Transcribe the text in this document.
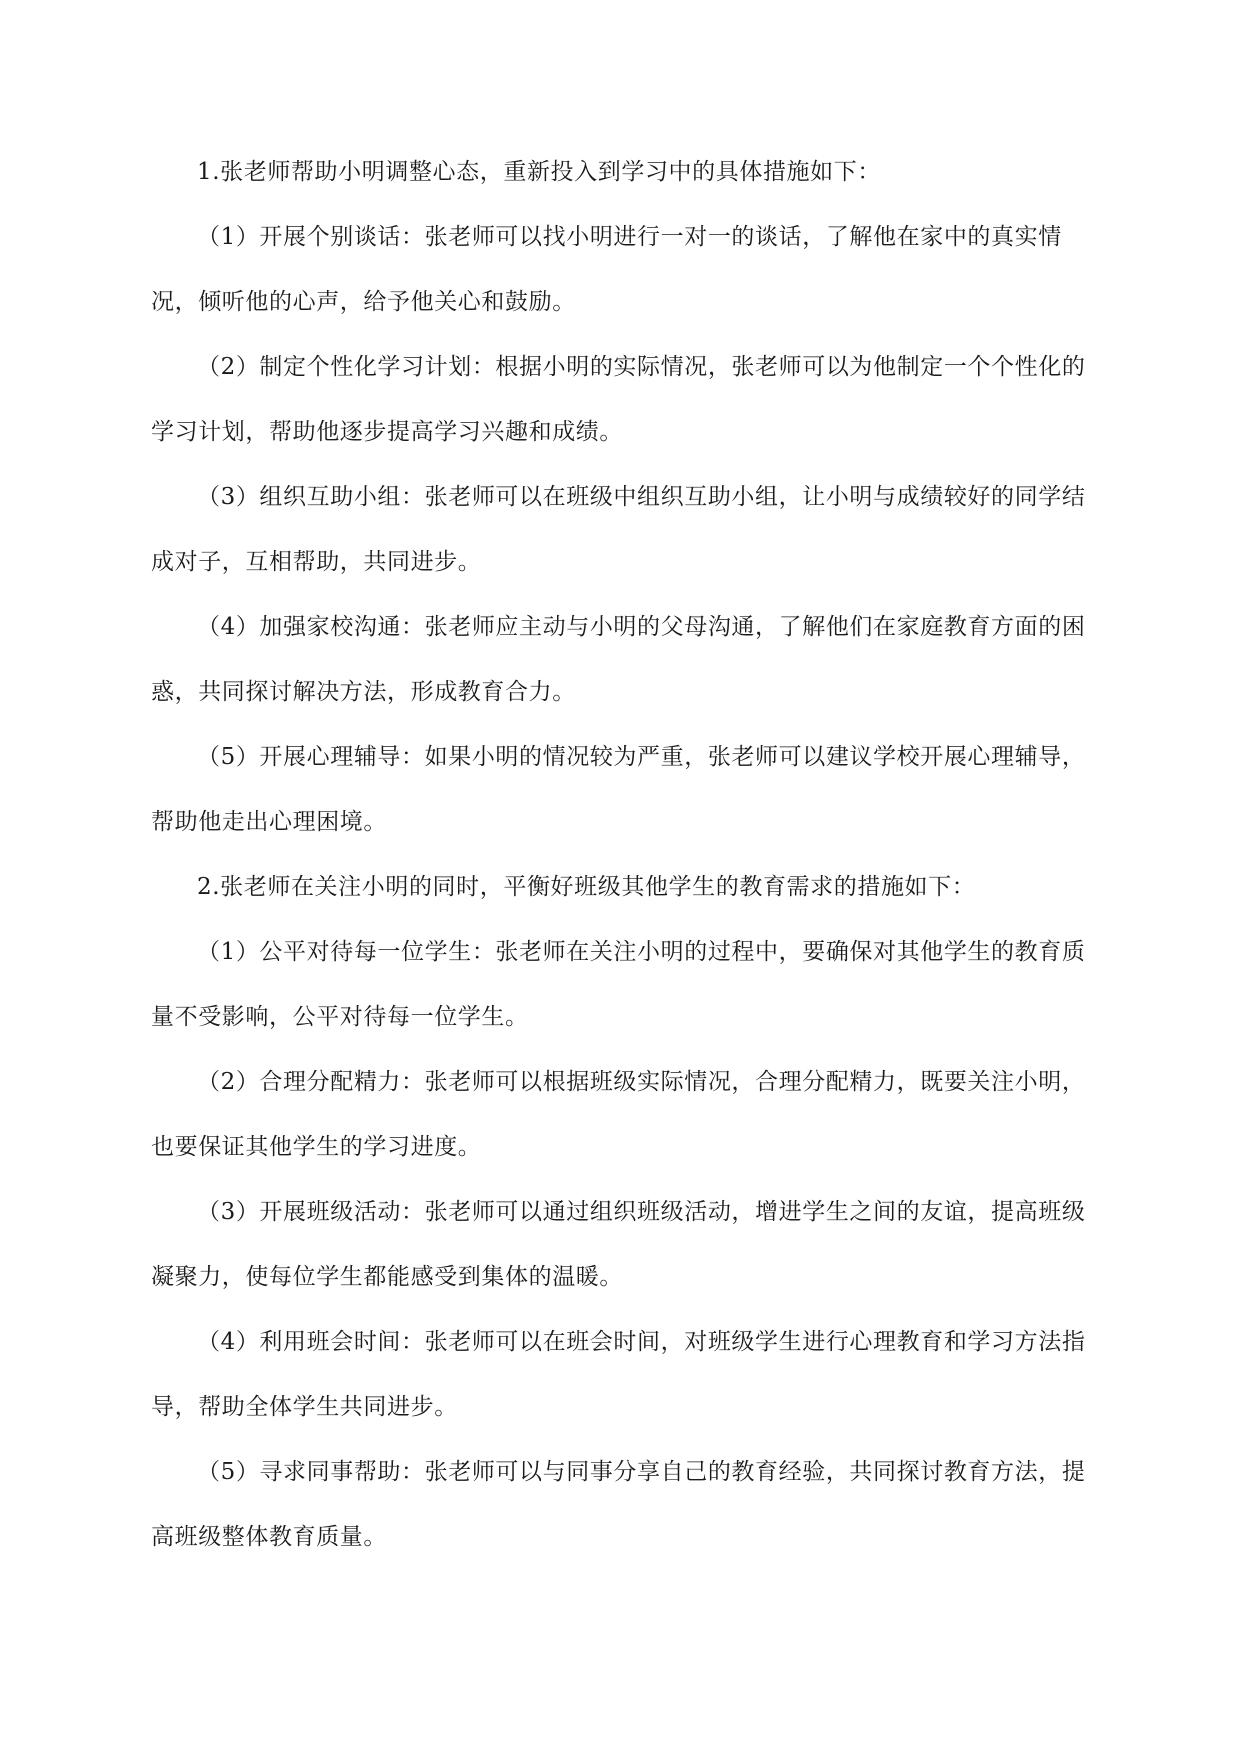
1.张老师帮助小明调整心态，重新投入到学习中的具体措施如下：

（1）开展个别谈话：张老师可以找小明进行一对一的谈话，了解他在家中的真实情况，倾听他的心声，给予他关心和鼓励。

（2）制定个性化学习计划：根据小明的实际情况，张老师可以为他制定一个个性化的学习计划，帮助他逐步提高学习兴趣和成绩。

（3）组织互助小组：张老师可以在班级中组织互助小组，让小明与成绩较好的同学结成对子，互相帮助，共同进步。

（4）加强家校沟通：张老师应主动与小明的父母沟通，了解他们在家庭教育方面的困惑，共同探讨解决方法，形成教育合力。

（5）开展心理辅导：如果小明的情况较为严重，张老师可以建议学校开展心理辅导，帮助他走出心理困境。

2.张老师在关注小明的同时，平衡好班级其他学生的教育需求的措施如下：

（1）公平对待每一位学生：张老师在关注小明的过程中，要确保对其他学生的教育质量不受影响，公平对待每一位学生。

（2）合理分配精力：张老师可以根据班级实际情况，合理分配精力，既要关注小明，也要保证其他学生的学习进度。

（3）开展班级活动：张老师可以通过组织班级活动，增进学生之间的友谊，提高班级凝聚力，使每位学生都能感受到集体的温暖。

（4）利用班会时间：张老师可以在班会时间，对班级学生进行心理教育和学习方法指导，帮助全体学生共同进步。

（5）寻求同事帮助：张老师可以与同事分享自己的教育经验，共同探讨教育方法，提高班级整体教育质量。
